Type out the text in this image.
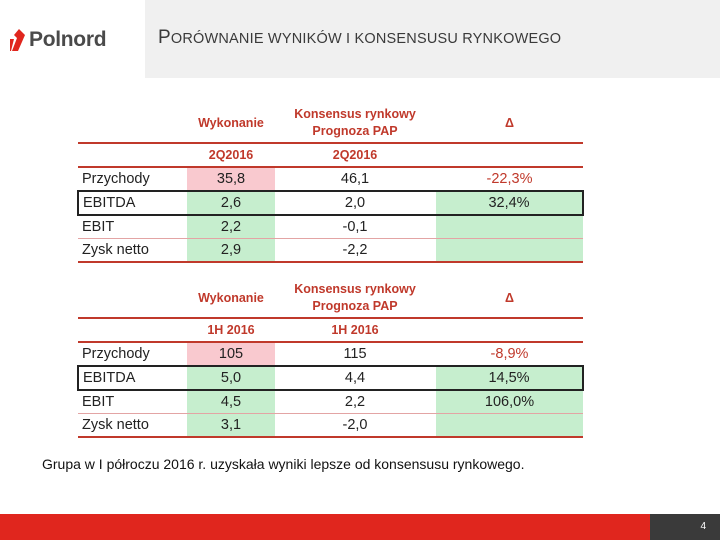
Polnord	PORÓWNANIE WYNIKÓW I KONSENSUSU RYNKOWEGO
	Wykonanie		Konsensus rynkowy
Prognoza PAP		Δ
	2Q2016		2Q2016		
Przychody	35,8		46,1		-22,3%
EBITDA	2,6		2,0		32,4%
EBIT	2,2		-0,1		
Zysk netto	2,9		-2,2		
	Wykonanie		Konsensus rynkowy
Prognoza PAP		Δ
	1H 2016		1H 2016		
Przychody	105		115		-8,9%
EBITDA	5,0		4,4		14,5%
EBIT	4,5		2,2		106,0%
Zysk netto	3,1		-2,0		
Grupa w I półroczu 2016 r. uzyskała wyniki lepsze od konsensusu rynkowego.
4
